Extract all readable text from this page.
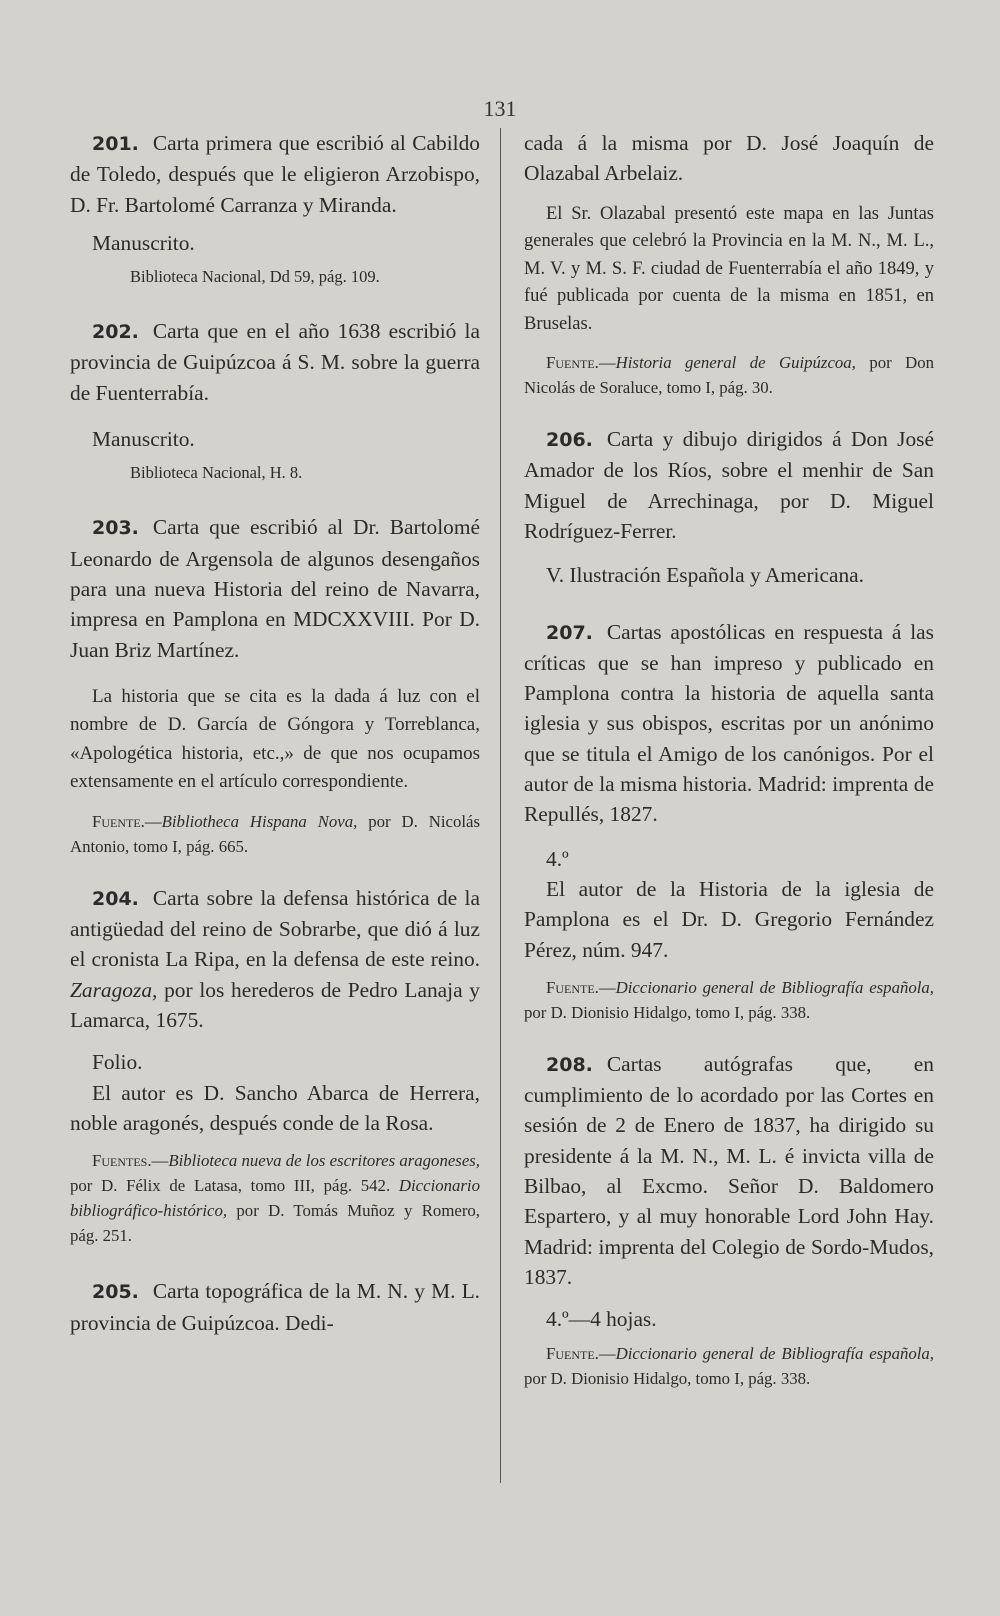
131

201. Carta primera que escribió al Cabildo de Toledo, después que le eligieron Arzobispo, D. Fr. Bartolomé Carranza y Miranda.

Manuscrito.

Biblioteca Nacional, Dd 59, pág. 109.

202. Carta que en el año 1638 escribió la provincia de Guipúzcoa á S. M. sobre la guerra de Fuenterrabía.

Manuscrito.

Biblioteca Nacional, H. 8.

203. Carta que escribió al Dr. Bartolomé Leonardo de Argensola de algunos desengaños para una nueva Historia del reino de Navarra, impresa en Pamplona en MDCXXVIII. Por D. Juan Briz Martínez.

La historia que se cita es la dada á luz con el nombre de D. García de Góngora y Torreblanca, «Apologética historia, etc.,» de que nos ocupamos extensamente en el artículo correspondiente.

Fuente.—Bibliotheca Hispana Nova, por D. Nicolás Antonio, tomo I, pág. 665.

204. Carta sobre la defensa histórica de la antigüedad del reino de Sobrarbe, que dió á luz el cronista La Ripa, en la defensa de este reino. Zaragoza, por los herederos de Pedro Lanaja y Lamarca, 1675.

Folio.

El autor es D. Sancho Abarca de Herrera, noble aragonés, después conde de la Rosa.

Fuentes.—Biblioteca nueva de los escritores aragoneses, por D. Félix de Latasa, tomo III, pág. 542. Diccionario bibliográfico-histórico, por D. Tomás Muñoz y Romero, pág. 251.

205. Carta topográfica de la M. N. y M. L. provincia de Guipúzcoa. Dedi-

cada á la misma por D. José Joaquín de Olazabal Arbelaiz.

El Sr. Olazabal presentó este mapa en las Juntas generales que celebró la Provincia en la M. N., M. L., M. V. y M. S. F. ciudad de Fuenterrabía el año 1849, y fué publicada por cuenta de la misma en 1851, en Bruselas.

Fuente.—Historia general de Guipúzcoa, por Don Nicolás de Soraluce, tomo I, pág. 30.

206. Carta y dibujo dirigidos á Don José Amador de los Ríos, sobre el menhir de San Miguel de Arrechinaga, por D. Miguel Rodríguez-Ferrer.

V. Ilustración Española y Americana.

207. Cartas apostólicas en respuesta á las críticas que se han impreso y publicado en Pamplona contra la historia de aquella santa iglesia y sus obispos, escritas por un anónimo que se titula el Amigo de los canónigos. Por el autor de la misma historia. Madrid: imprenta de Repullés, 1827.

4.º

El autor de la Historia de la iglesia de Pamplona es el Dr. D. Gregorio Fernández Pérez, núm. 947.

Fuente.—Diccionario general de Bibliografía española, por D. Dionisio Hidalgo, tomo I, pág. 338.

208. Cartas autógrafas que, en cumplimiento de lo acordado por las Cortes en sesión de 2 de Enero de 1837, ha dirigido su presidente á la M. N., M. L. é invicta villa de Bilbao, al Excmo. Señor D. Baldomero Espartero, y al muy honorable Lord John Hay. Madrid: imprenta del Colegio de Sordo-Mudos, 1837.

4.º—4 hojas.

Fuente.—Diccionario general de Bibliografía española, por D. Dionisio Hidalgo, tomo I, pág. 338.
